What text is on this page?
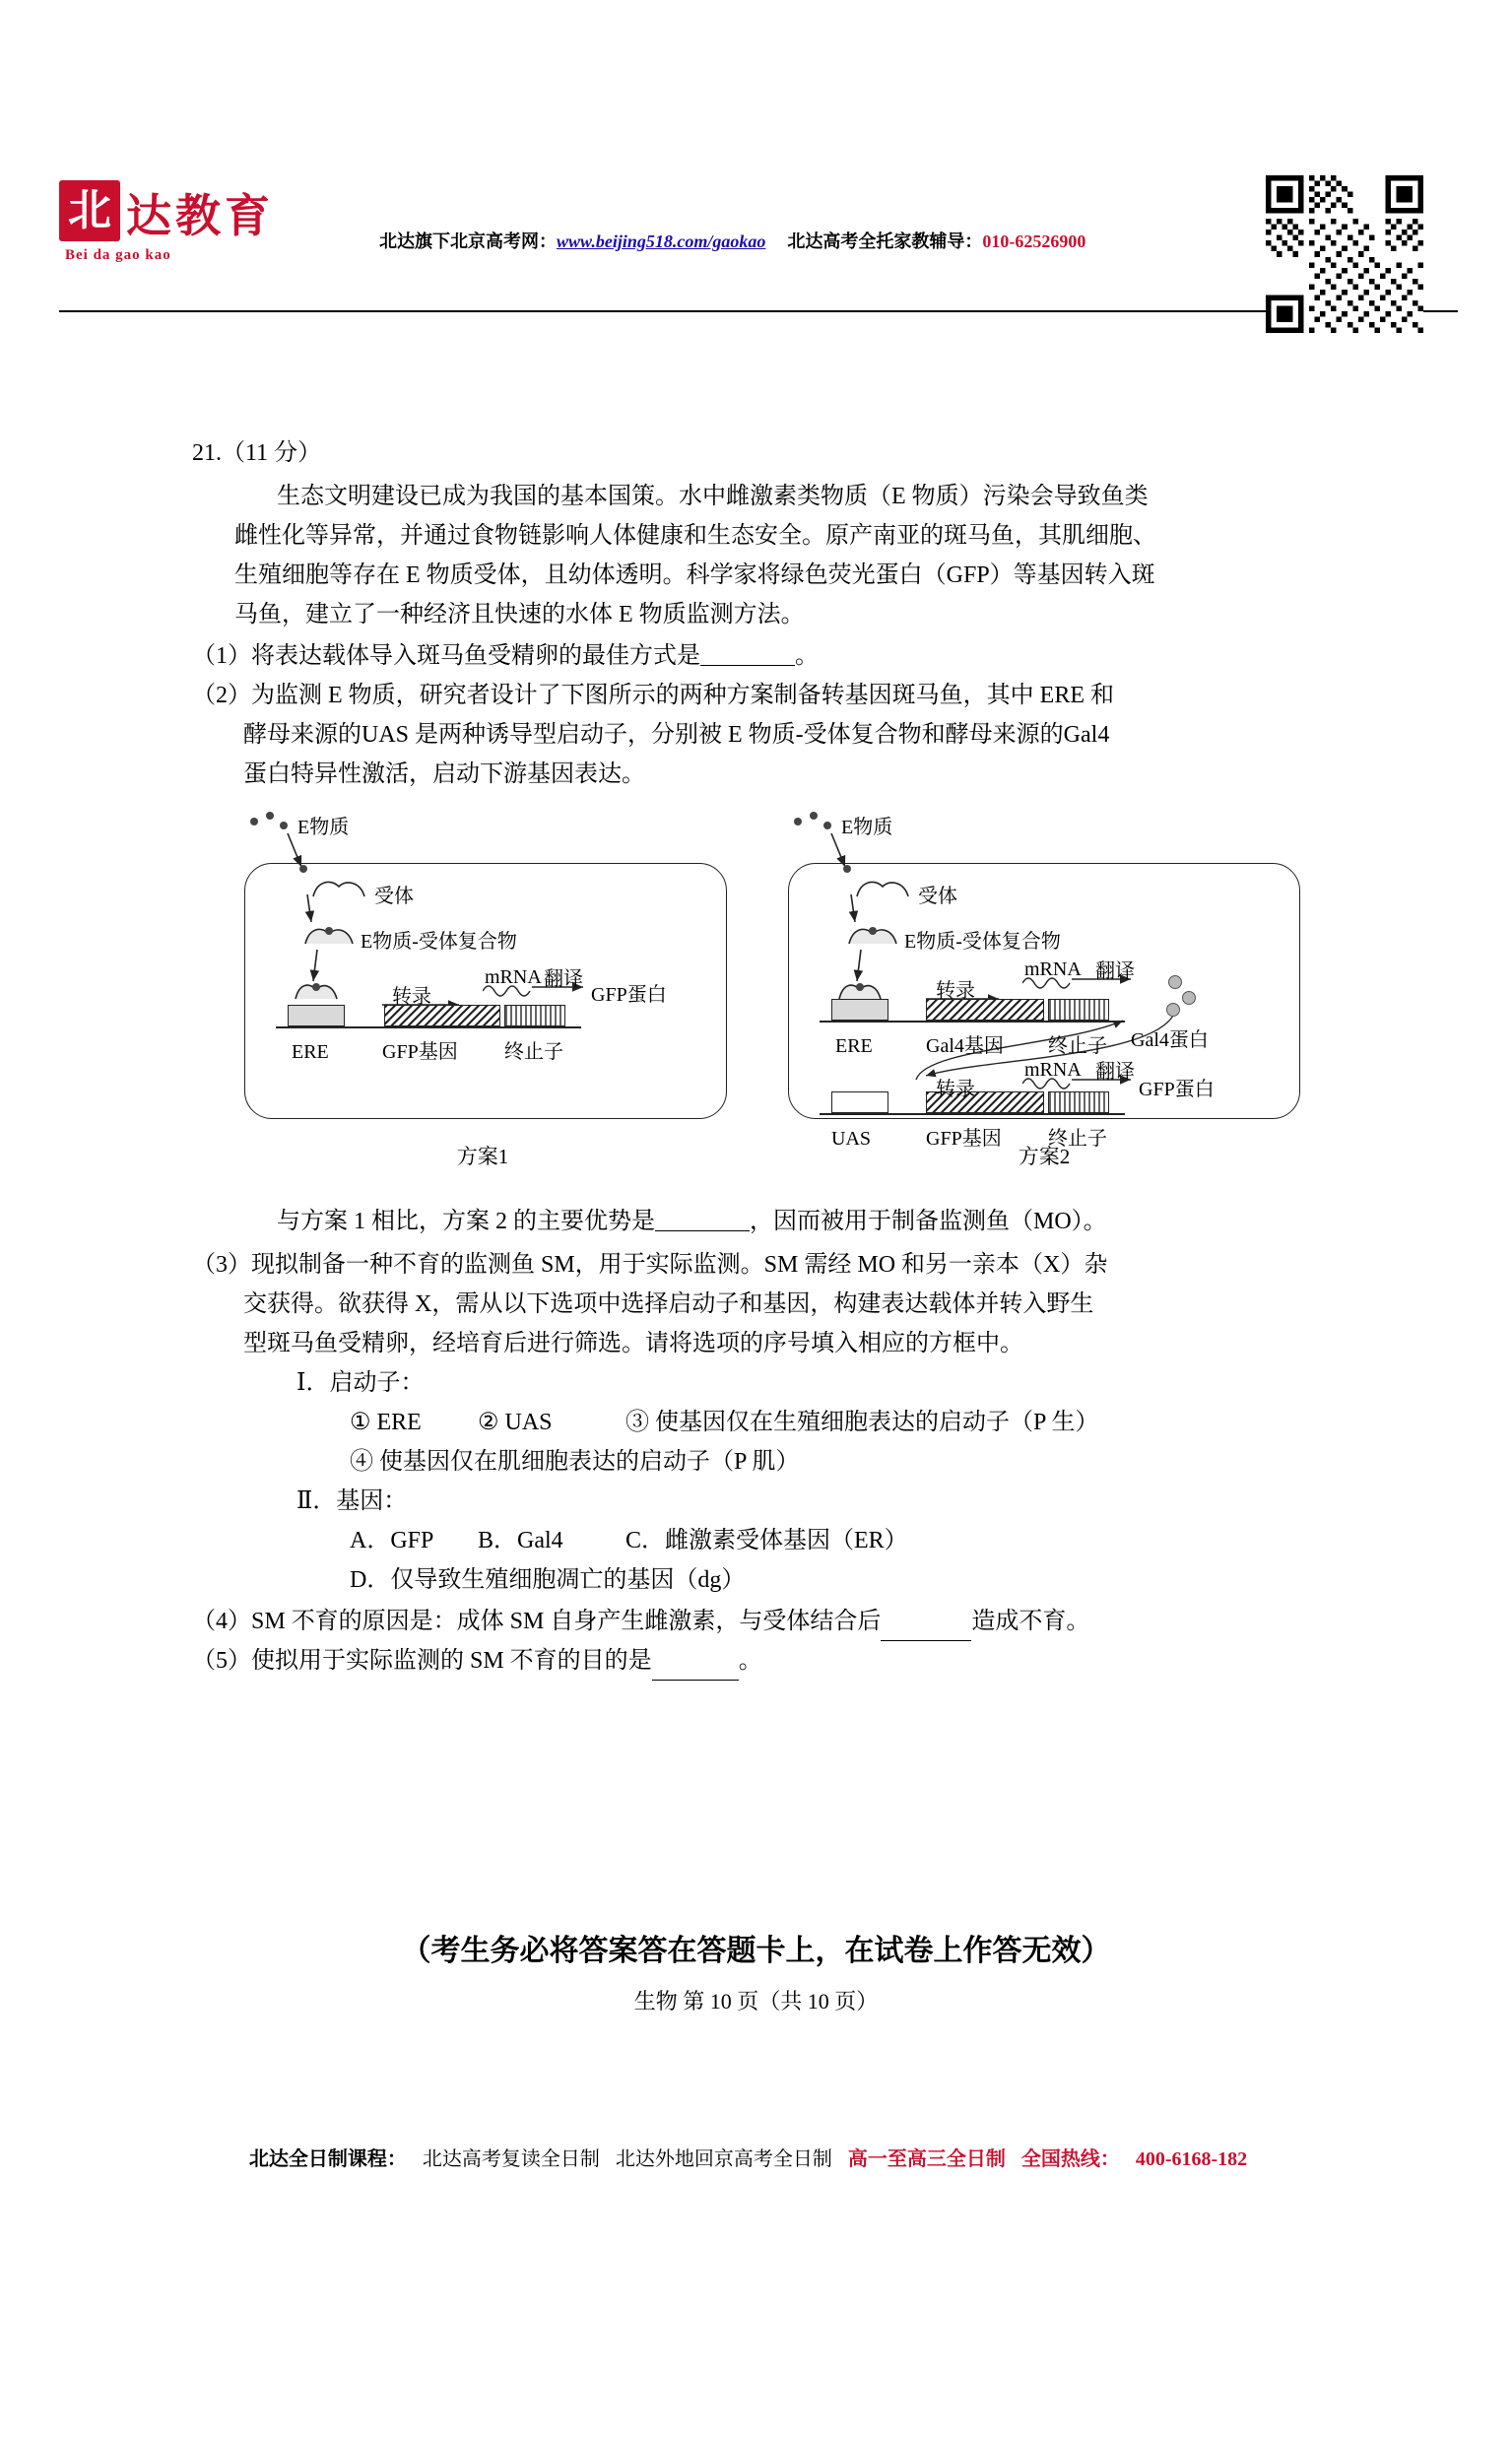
北 达教育
Bei da gao kao
北达旗下北京高考网：www.beijing518.com/gaokao 北达高考全托家教辅导：010-62526900
21.（11 分）
生态文明建设已成为我国的基本国策。水中雌激素类物质（E 物质）污染会导致鱼类
雌性化等异常，并通过食物链影响人体健康和生态安全。原产南亚的斑马鱼，其肌细胞、
生殖细胞等存在 E 物质受体，且幼体透明。科学家将绿色荧光蛋白（GFP）等基因转入斑
马鱼，建立了一种经济且快速的水体 E 物质监测方法。
（1）将表达载体导入斑马鱼受精卵的最佳方式是＿＿＿＿。
（2）为监测 E 物质，研究者设计了下图所示的两种方案制备转基因斑马鱼，其中 ERE 和
酵母来源的UAS 是两种诱导型启动子，分别被 E 物质-受体复合物和酵母来源的Gal4
蛋白特异性激活，启动下游基因表达。
E物质
受体
E物质-受体复合物
ERE	GFP基因 终止子
转录
mRNA 翻译
GFP蛋白
方案1
E物质
受体
E物质-受体复合物
ERE	Gal4基因 终止子
转录
mRNA 翻译
Gal4蛋白
UAS	GFP基因 终止子
转录
mRNA 翻译
GFP蛋白
方案2
与方案 1 相比，方案 2 的主要优势是＿＿＿＿，因而被用于制备监测鱼（MO）。
（3）现拟制备一种不育的监测鱼 SM，用于实际监测。SM 需经 MO 和另一亲本（X）杂
交获得。欲获得 X，需从以下选项中选择启动子和基因，构建表达载体并转入野生
型斑马鱼受精卵，经培育后进行筛选。请将选项的序号填入相应的方框中。
Ⅰ．启动子：
① ERE ② UAS	③ 使基因仅在生殖细胞表达的启动子（P 生）
④ 使基因仅在肌细胞表达的启动子（P 肌）
Ⅱ．基因：
A．GFP B．Gal4	C．雌激素受体基因（ER）
D．仅导致生殖细胞凋亡的基因（dg）
（4）SM 不育的原因是：成体 SM 自身产生雌激素，与受体结合后	造成不育。
（5）使拟用于实际监测的 SM 不育的目的是	。
（考生务必将答案答在答题卡上，在试卷上作答无效）
生物 第 10 页（共 10 页）
北达全日制课程： 北达高考复读全日制 北达外地回京高考全日制 高一至高三全日制 全国热线： 400-6168-182
